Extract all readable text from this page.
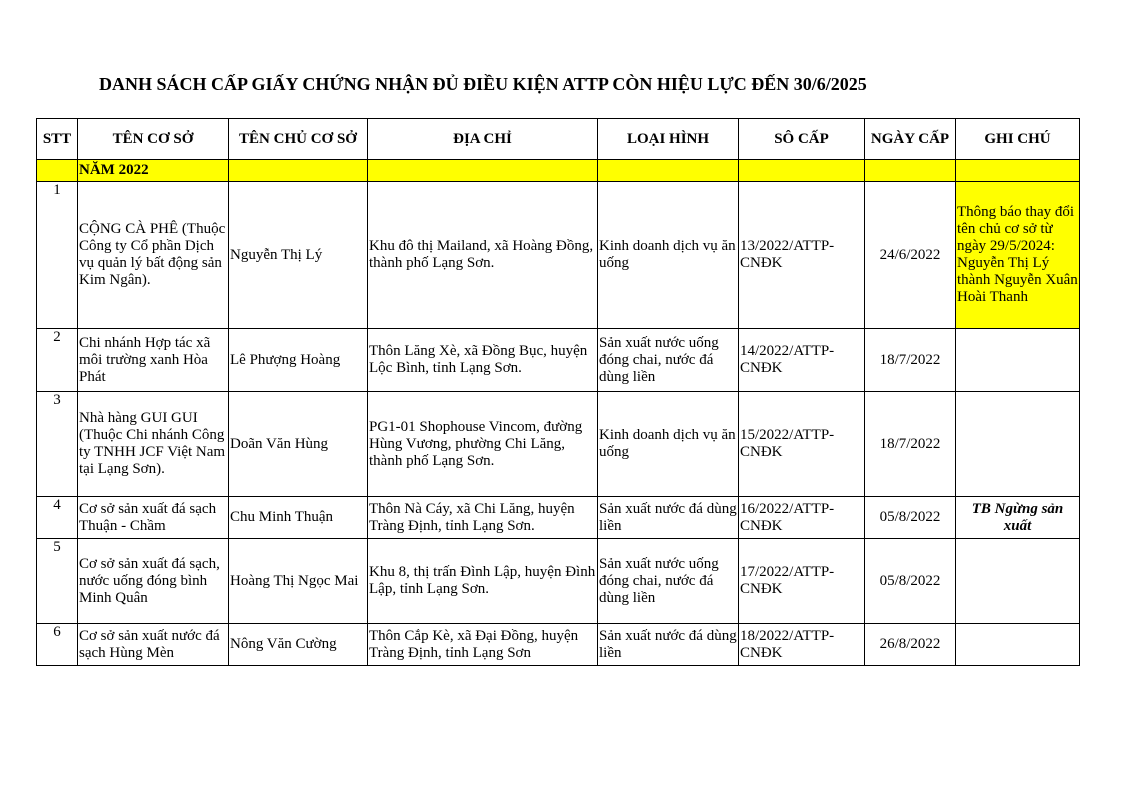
DANH SÁCH CẤP GIẤY CHỨNG NHẬN ĐỦ ĐIỀU KIỆN ATTP CÒN HIỆU LỰC ĐẾN 30/6/2025
STT	TÊN CƠ SỞ	TÊN CHỦ CƠ SỞ	ĐỊA CHỈ	LOẠI HÌNH	SÔ CẤP	NGÀY CẤP	GHI CHÚ
	NĂM 2022						
1	CỘNG CÀ PHÊ (Thuộc Công ty Cổ phần Dịch vụ quản lý bất động sản Kim Ngân).	Nguyễn Thị Lý	Khu đô thị Mailand, xã Hoàng Đồng, thành phố Lạng Sơn.	Kinh doanh dịch vụ ăn uống	13/2022/ATTP-CNĐK	24/6/2022	Thông báo thay đổi tên chủ cơ sở từ ngày 29/5/2024: Nguyễn Thị Lý thành Nguyễn Xuân Hoài Thanh
2	Chi nhánh Hợp tác xã môi trường xanh Hòa Phát	Lê Phượng Hoàng	Thôn Lăng Xè, xã Đồng Bục, huyện Lộc Bình, tỉnh Lạng Sơn.	Sản xuất nước uống đóng chai, nước đá dùng liền	14/2022/ATTP-CNĐK	18/7/2022	
3	Nhà hàng GUI GUI (Thuộc Chi nhánh Công ty TNHH JCF Việt Nam tại Lạng Sơn).	Doãn Văn Hùng	PG1-01 Shophouse Vincom, đường Hùng Vương, phường Chi Lăng, thành phố Lạng Sơn.	Kinh doanh dịch vụ ăn uống	15/2022/ATTP-CNĐK	18/7/2022	
4	Cơ sở sản xuất đá sạch Thuận - Chầm	Chu Minh Thuận	Thôn Nà Cáy, xã Chi Lăng, huyện Tràng Định, tỉnh Lạng Sơn.	Sản xuất nước đá dùng liền	16/2022/ATTP-CNĐK	05/8/2022	TB Ngừng sản xuất
5	Cơ sở sản xuất đá sạch, nước uống đóng bình Minh Quân	Hoàng Thị Ngọc Mai	Khu 8, thị trấn Đình Lập, huyện Đình Lập, tỉnh Lạng Sơn.	Sản xuất nước uống đóng chai, nước đá dùng liền	17/2022/ATTP-CNĐK	05/8/2022	
6	Cơ sở sản xuất nước đá sạch Hùng Mèn	Nông Văn Cường	Thôn Cắp Kè, xã Đại Đồng, huyện Tràng Định, tỉnh Lạng Sơn	Sản xuất nước đá dùng liền	18/2022/ATTP-CNĐK	26/8/2022	
